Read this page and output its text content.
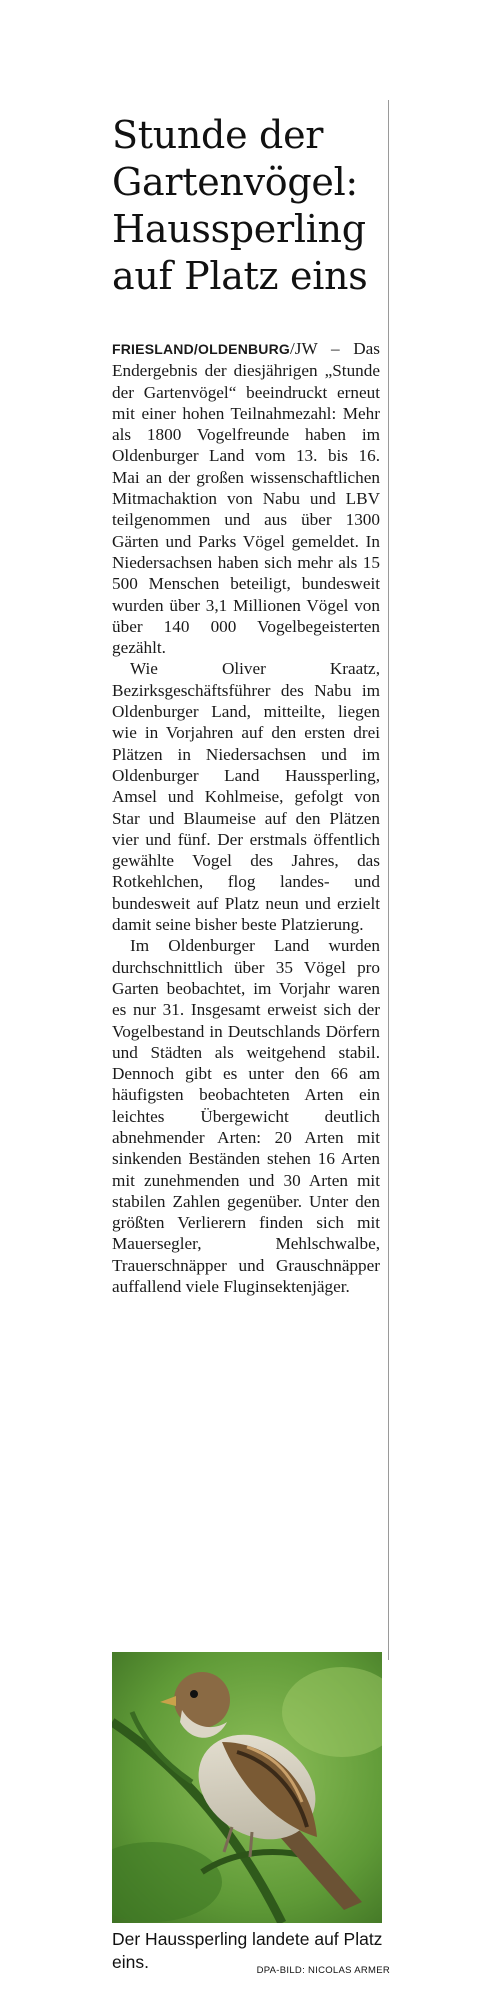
Stunde der Gartenvögel: Haussperling auf Platz eins

FRIESLAND/OLDENBURG/JW – Das Endergebnis der diesjährigen „Stunde der Gartenvögel“ beeindruckt erneut mit einer hohen Teilnahmezahl: Mehr als 1800 Vogelfreunde haben im Oldenburger Land vom 13. bis 16. Mai an der großen wissenschaftlichen Mitmachaktion von Nabu und LBV teilgenommen und aus über 1300 Gärten und Parks Vögel gemeldet. In Niedersachsen haben sich mehr als 15 500 Menschen beteiligt, bundesweit wurden über 3,1 Millionen Vögel von über 140 000 Vogelbegeisterten gezählt.

Wie Oliver Kraatz, Bezirksgeschäftsführer des Nabu im Oldenburger Land, mitteilte, liegen wie in Vorjahren auf den ersten drei Plätzen in Niedersachsen und im Oldenburger Land Haussperling, Amsel und Kohlmeise, gefolgt von Star und Blaumeise auf den Plätzen vier und fünf. Der erstmals öffentlich gewählte Vogel des Jahres, das Rotkehlchen, flog landes- und bundesweit auf Platz neun und erzielt damit seine bisher beste Platzierung.

Im Oldenburger Land wurden durchschnittlich über 35 Vögel pro Garten beobachtet, im Vorjahr waren es nur 31. Insgesamt erweist sich der Vogelbestand in Deutschlands Dörfern und Städten als weitgehend stabil. Dennoch gibt es unter den 66 am häufigsten beobachteten Arten ein leichtes Übergewicht deutlich abnehmender Arten: 20 Arten mit sinkenden Beständen stehen 16 Arten mit zunehmenden und 30 Arten mit stabilen Zahlen gegenüber. Unter den größten Verlierern finden sich mit Mauersegler, Mehlschwalbe, Trauerschnäpper und Grauschnäpper auffallend viele Fluginsektenjäger.

Der Haussperling landete auf Platz eins.	DPA-BILD: NICOLAS ARMER
